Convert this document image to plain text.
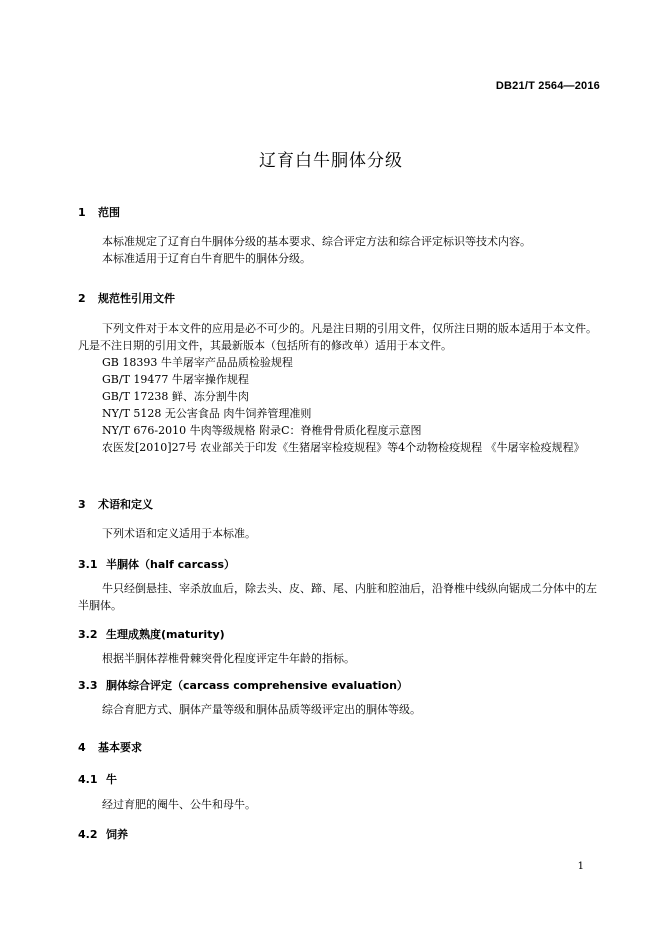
DB21/T 2564—2016
辽育白牛胴体分级
1 范围
本标准规定了辽育白牛胴体分级的基本要求、综合评定方法和综合评定标识等技术内容。
本标准适用于辽育白牛育肥牛的胴体分级。
2 规范性引用文件
下列文件对于本文件的应用是必不可少的。凡是注日期的引用文件，仅所注日期的版本适用于本文件。凡是不注日期的引用文件，其最新版本（包括所有的修改单）适用于本文件。
GB 18393 牛羊屠宰产品品质检验规程
GB/T 19477 牛屠宰操作规程
GB/T 17238 鲜、冻分割牛肉
NY/T 5128 无公害食品 肉牛饲养管理准则
NY/T 676-2010 牛肉等级规格 附录C：脊椎骨骨质化程度示意图
农医发[2010]27号 农业部关于印发《生猪屠宰检疫规程》等4个动物检疫规程 《牛屠宰检疫规程》
3 术语和定义
下列术语和定义适用于本标准。
3.1 半胴体（half carcass）
牛只经倒悬挂、宰杀放血后，除去头、皮、蹄、尾、内脏和腔油后，沿脊椎中线纵向锯成二分体中的左半胴体。
3.2 生理成熟度(maturity)
根据半胴体荐椎骨棘突骨化程度评定牛年龄的指标。
3.3 胴体综合评定（carcass comprehensive evaluation）
综合育肥方式、胴体产量等级和胴体品质等级评定出的胴体等级。
4 基本要求
4.1 牛
经过育肥的阉牛、公牛和母牛。
4.2 饲养
1
